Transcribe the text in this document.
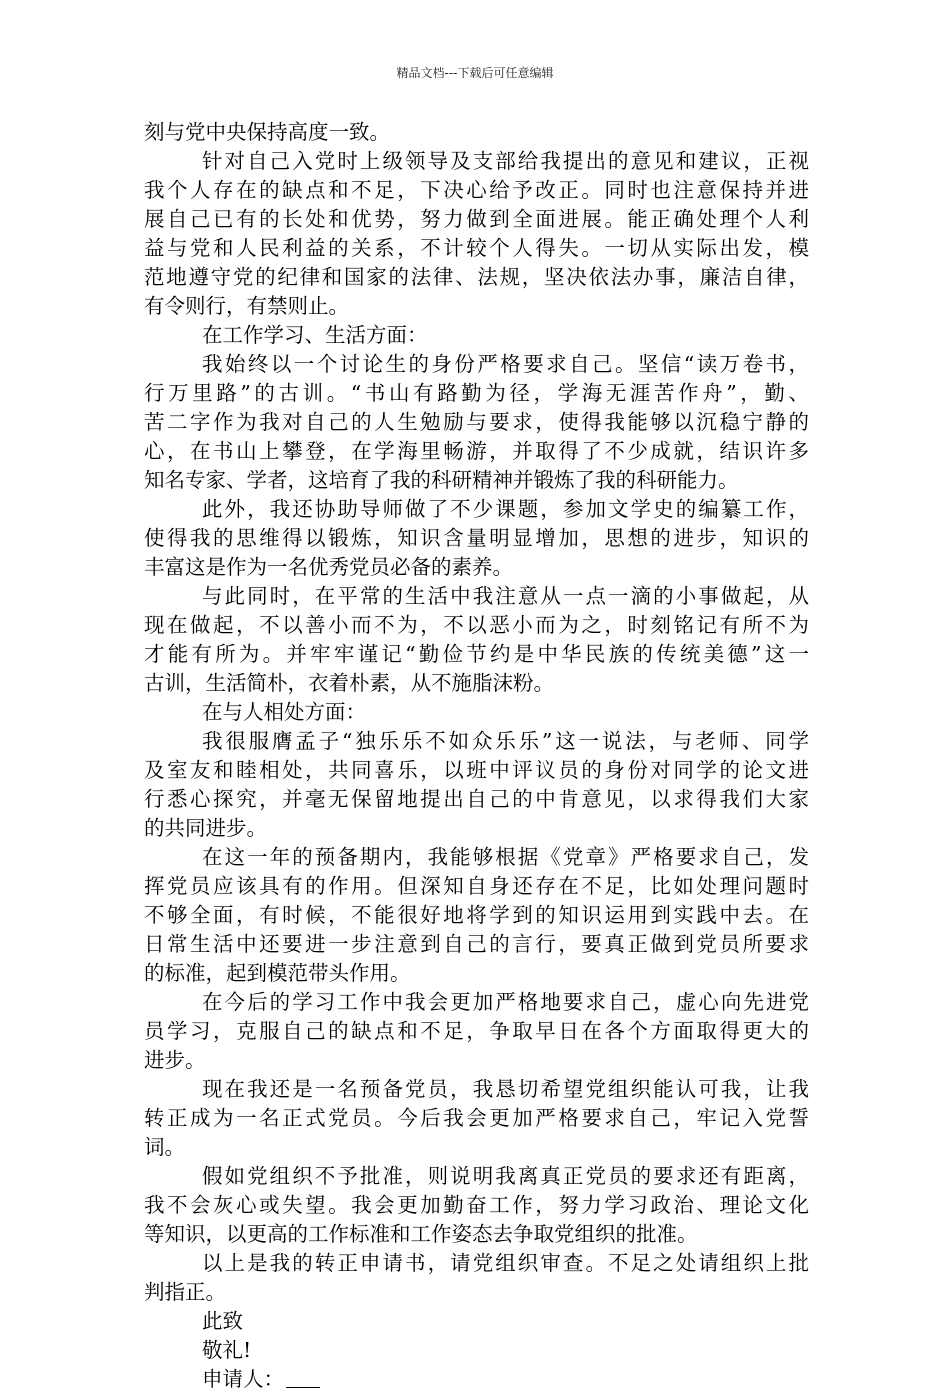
精品文档---下载后可任意编辑
刻与党中央保持高度一致。
针对自己入党时上级领导及支部给我提出的意见和建议，正视
我个人存在的缺点和不足，下决心给予改正。同时也注意保持并进
展自己已有的长处和优势，努力做到全面进展。能正确处理个人利
益与党和人民利益的关系，不计较个人得失。一切从实际出发，模
范地遵守党的纪律和国家的法律、法规，坚决依法办事，廉洁自律，
有令则行，有禁则止。
在工作学习、生活方面：
我始终以一个讨论生的身份严格要求自己。坚信“读万卷书，
行万里路”的古训。“书山有路勤为径，学海无涯苦作舟”，勤、
苦二字作为我对自己的人生勉励与要求，使得我能够以沉稳宁静的
心，在书山上攀登，在学海里畅游，并取得了不少成就，结识许多
知名专家、学者，这培育了我的科研精神并锻炼了我的科研能力。
此外，我还协助导师做了不少课题，参加文学史的编纂工作，
使得我的思维得以锻炼，知识含量明显增加，思想的进步，知识的
丰富这是作为一名优秀党员必备的素养。
与此同时，在平常的生活中我注意从一点一滴的小事做起，从
现在做起，不以善小而不为，不以恶小而为之，时刻铭记有所不为
才能有所为。并牢牢谨记“勤俭节约是中华民族的传统美德”这一
古训，生活简朴，衣着朴素，从不施脂沫粉。
在与人相处方面：
我很服膺孟子“独乐乐不如众乐乐”这一说法，与老师、同学
及室友和睦相处，共同喜乐，以班中评议员的身份对同学的论文进
行悉心探究，并毫无保留地提出自己的中肯意见，以求得我们大家
的共同进步。
在这一年的预备期内，我能够根据《党章》严格要求自己，发
挥党员应该具有的作用。但深知自身还存在不足，比如处理问题时
不够全面，有时候，不能很好地将学到的知识运用到实践中去。在
日常生活中还要进一步注意到自己的言行，要真正做到党员所要求
的标准，起到模范带头作用。
在今后的学习工作中我会更加严格地要求自己，虚心向先进党
员学习，克服自己的缺点和不足，争取早日在各个方面取得更大的
进步。
现在我还是一名预备党员，我恳切希望党组织能认可我，让我
转正成为一名正式党员。今后我会更加严格要求自己，牢记入党誓
词。
假如党组织不予批准，则说明我离真正党员的要求还有距离，
我不会灰心或失望。我会更加勤奋工作，努力学习政治、理论文化
等知识，以更高的工作标准和工作姿态去争取党组织的批准。
以上是我的转正申请书，请党组织审查。不足之处请组织上批
判指正。
此致
敬礼!
申请人：
